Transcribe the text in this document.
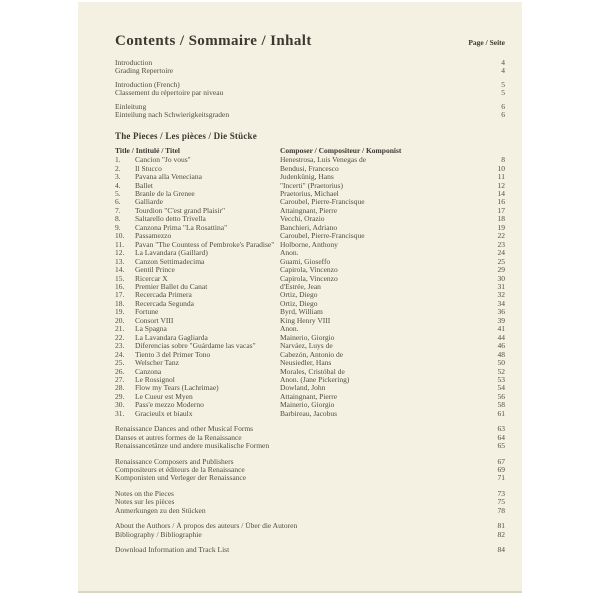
Contents / Sommaire / Inhalt	Page / Seite
Introduction	4
Grading Repertoire	4
Introduction (French)	5
Classement du répertoire par niveau	5
Einleitung	6
Einteilung nach Schwierigkeitsgraden	6
The Pieces / Les pièces / Die Stücke
Title / Intitulé / Titel	Composer / Compositeur / Komponist
1.	Cancion "Jo vous"	Henestrosa, Luis Venegas de	8
2.	Il Stucco	Bendusi, Francesco	10
3.	Pavana alla Veneciana	Judenkünig, Hans	11
4.	Ballet	"Incerti" (Praetorius)	12
5.	Branle de la Grenee	Praetorius, Michael	14
6.	Galliarde	Caroubel, Pierre-Francisque	16
7.	Tourdion "C'est grand Plaisir"	Attaingnant, Pierre	17
8.	Saltarello detto Trivella	Vecchi, Orazio	18
9.	Canzona Prima "La Rosattina"	Banchieri, Adriano	19
10.	Passamezzo	Caroubel, Pierre-Francisque	22
11.	Pavan "The Countess of Pembroke's Paradise" Holborne, Anthony	23
12.	La Lavandara (Gaillard)	Anon.	24
13.	Canzon Settimadecima	Guami, Gioseffo	25
14.	Gentil Prince	Capirola, Vincenzo	29
15.	Ricercar X	Capirola, Vincenzo	30
16.	Premier Ballet du Canat	d'Estrée, Jean	31
17.	Recercada Primera	Ortiz, Diego	32
18.	Recercada Segunda	Ortiz, Diego	34
19.	Fortune	Byrd, William	36
20.	Consort VIII	King Henry VIII	39
21.	La Spagna	Anon.	41
22.	La Lavandara Gagliarda	Mainerio, Giorgio	44
23.	Diferencias sobre "Guárdame las vacas"	Narváez, Luys de	46
24.	Tiento 3 del Primer Tono	Cabezón, Antonio de	48
25.	Welscher Tanz	Neusiedler, Hans	50
26.	Canzona	Morales, Cristóbal de	52
27.	Le Rossignol	Anon. (Jane Pickering)	53
28.	Flow my Tears (Lachrimae)	Dowland, John	54
29.	Le Cueur est Myen	Attaingnant, Pierre	56
30.	Pass'e mezzo Moderno	Mainerio, Giorgio	58
31.	Gracieulx et biaulx	Barbireau, Jacobus	61
Renaissance Dances and other Musical Forms	63
Danses et autres formes de la Renaissance	64
Renaissancetänze und andere musikalische Formen	65
Renaissance Composers and Publishers	67
Compositeurs et éditeurs de la Renaissance	69
Komponisten und Verleger der Renaissance	71
Notes on the Pieces	73
Notes sur les pièces	75
Anmerkungen zu den Stücken	78
About the Authors / À propos des auteurs / Über die Autoren	81
Bibliography / Bibliographie	82
Download Information and Track List	84
